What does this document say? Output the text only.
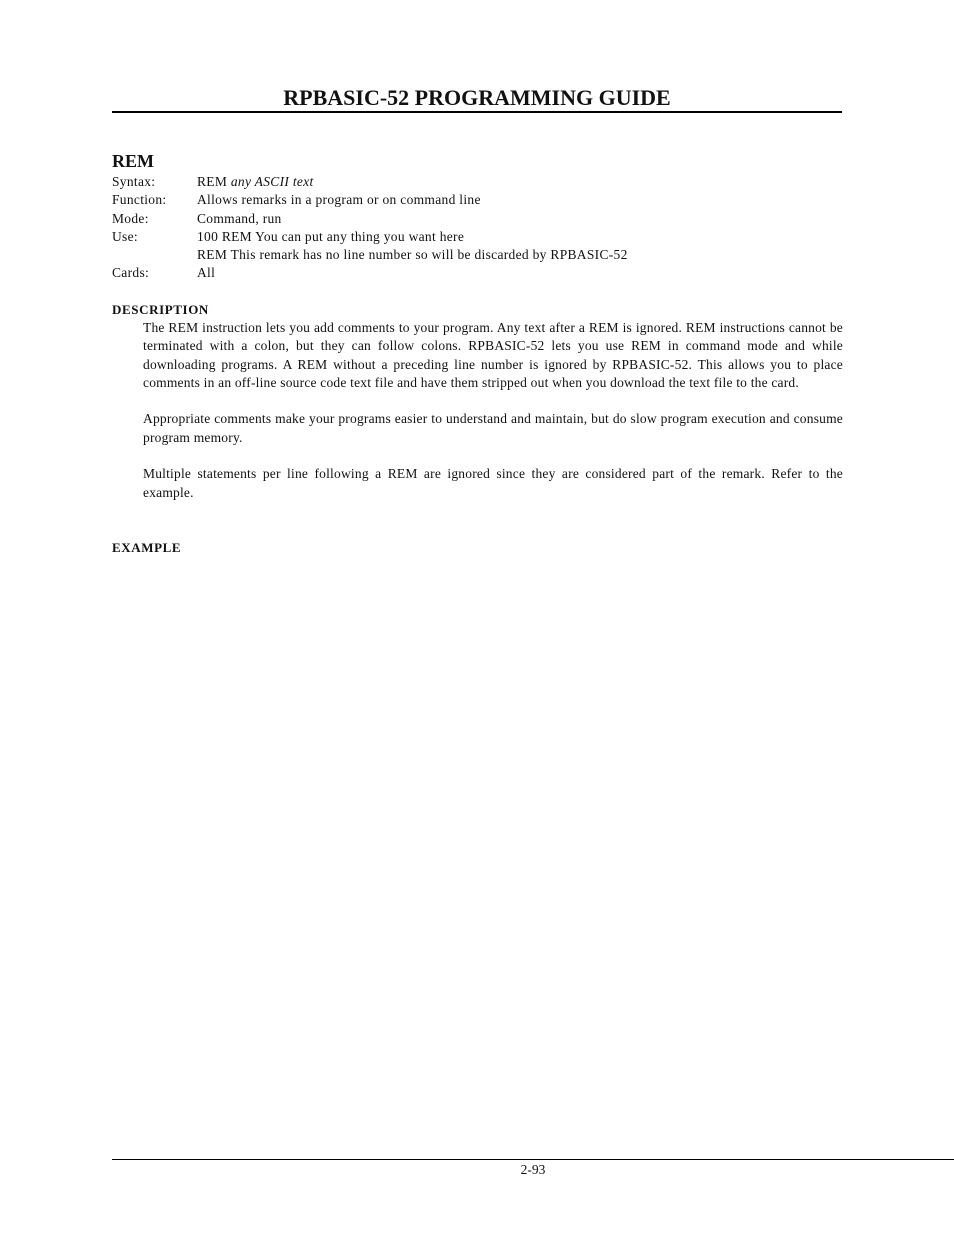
RPBASIC-52 PROGRAMMING GUIDE
REM
Syntax:	REM any ASCII text
Function:	Allows remarks in a program or on command line
Mode:	Command, run
Use:	100 REM You can put any thing you want here
REM This remark has no line number so will be discarded by RPBASIC-52
Cards:	All
DESCRIPTION

The REM instruction lets you add comments to your program. Any text after a REM is ignored. REM instructions cannot be terminated with a colon, but they can follow colons. RPBASIC-52 lets you use REM in command mode and while downloading programs. A REM without a preceding line number is ignored by RPBASIC-52. This allows you to place comments in an off-line source code text file and have them stripped out when you download the text file to the card.

Appropriate comments make your programs easier to understand and maintain, but do slow program execution and consume program memory.

Multiple statements per line following a REM are ignored since they are considered part of the remark. Refer to the example.

EXAMPLE
2-93
